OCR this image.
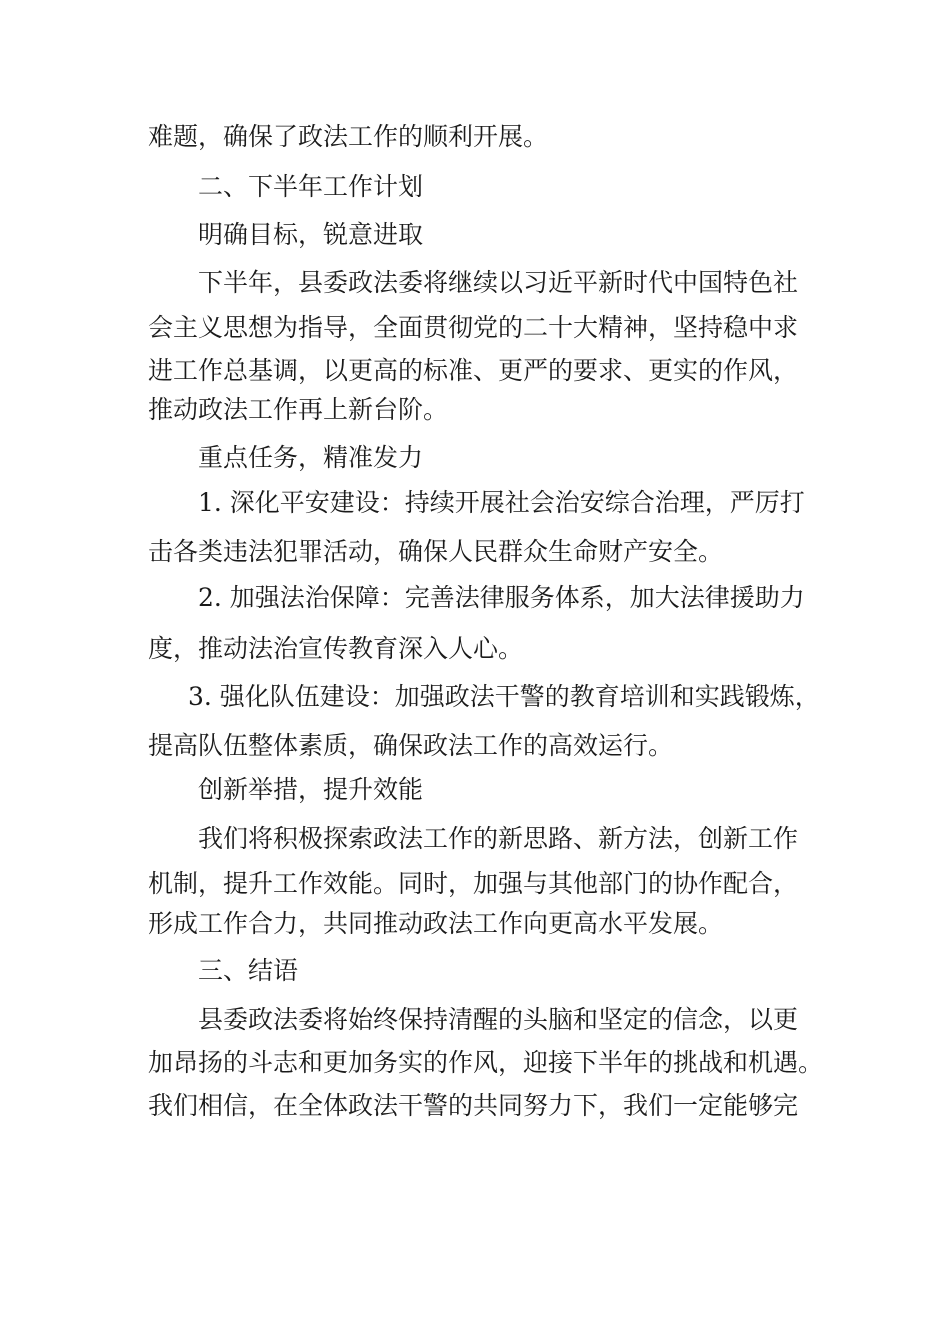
难题，确保了政法工作的顺利开展。

二、下半年工作计划

明确目标，锐意进取

下半年，县委政法委将继续以习近平新时代中国特色社

会主义思想为指导，全面贯彻党的二十大精神，坚持稳中求

进工作总基调，以更高的标准、更严的要求、更实的作风，

推动政法工作再上新台阶。

重点任务，精准发力

1. 深化平安建设：持续开展社会治安综合治理，严厉打

击各类违法犯罪活动，确保人民群众生命财产安全。

2. 加强法治保障：完善法律服务体系，加大法律援助力

度，推动法治宣传教育深入人心。

3. 强化队伍建设：加强政法干警的教育培训和实践锻炼，

提高队伍整体素质，确保政法工作的高效运行。

创新举措，提升效能

我们将积极探索政法工作的新思路、新方法，创新工作

机制，提升工作效能。同时，加强与其他部门的协作配合，

形成工作合力，共同推动政法工作向更高水平发展。

三、结语

县委政法委将始终保持清醒的头脑和坚定的信念，以更

加昂扬的斗志和更加务实的作风，迎接下半年的挑战和机遇。

我们相信，在全体政法干警的共同努力下，我们一定能够完
